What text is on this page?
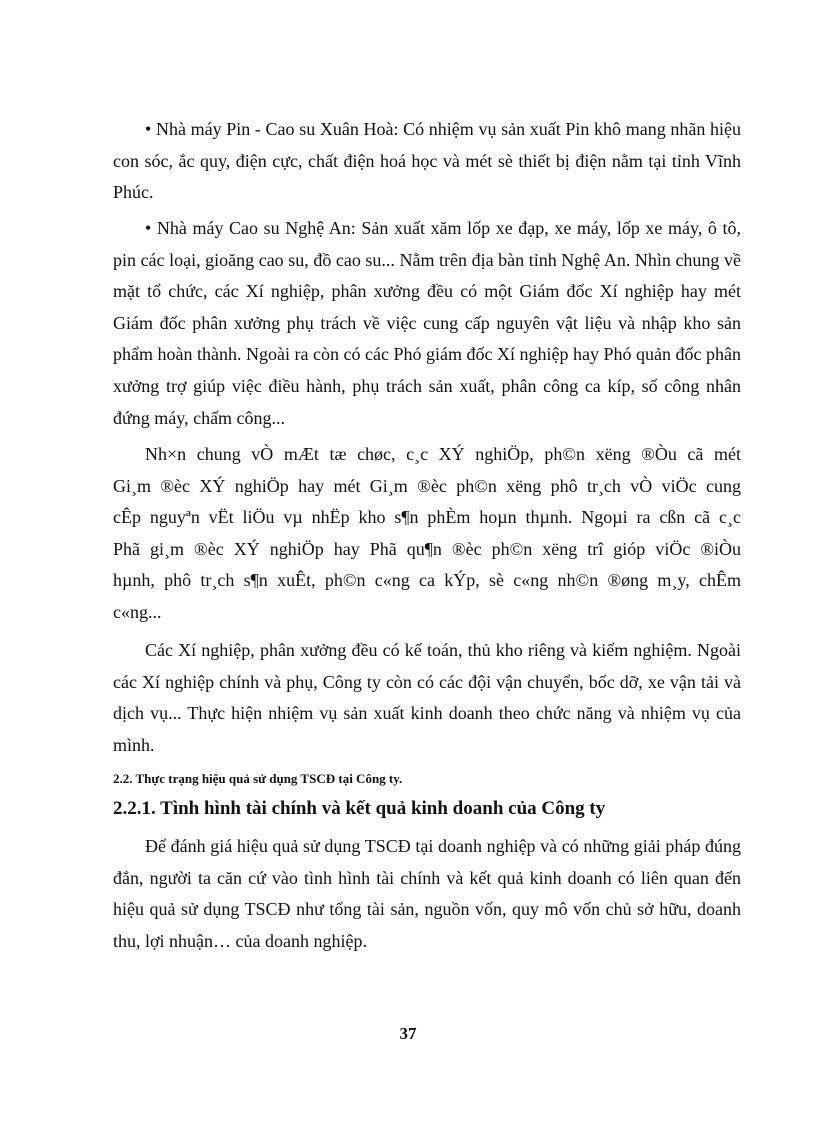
• Nhà máy Pin - Cao su Xuân Hoà: Có nhiệm vụ sản xuất Pin khô mang nhãn hiệu con sóc, ắc quy, điện cực, chất điện hoá học và mét sè thiết bị điện nằm tại tỉnh Vĩnh Phúc.

• Nhà máy Cao su Nghệ An: Sản xuất xăm lốp xe đạp, xe máy, lốp xe máy, ô tô, pin các loại, gioăng cao su, đồ cao su... Nằm trên địa bàn tỉnh Nghệ An. Nhìn chung về mặt tổ chức, các Xí nghiệp, phân xưởng đều có một Giám đốc Xí nghiệp hay mét Giám đốc phân xưởng phụ trách về việc cung cấp nguyên vật liệu và nhập kho sản phẩm hoàn thành. Ngoài ra còn có các Phó giám đốc Xí nghiệp hay Phó quản đốc phân xưởng trợ giúp việc điều hành, phụ trách sản xuất, phân công ca kíp, số công nhân đứng máy, chấm công...

Nh×n chung vÒ mÆt tæ chøc, c¸c XÝ nghiÖp, ph©n xëng ®Òu cã mét Gi¸m ®èc XÝ nghiÖp hay mét Gi¸m ®èc ph©n xëng phô tr¸ch vÒ viÖc cung cÊp nguyªn vËt liÖu vµ nhËp kho s¶n phÈm hoµn thµnh. Ngoµi ra cßn cã c¸c Phã gi¸m ®èc XÝ nghiÖp hay Phã qu¶n ®èc ph©n xëng trî gióp viÖc ®iÒu hµnh, phô tr¸ch s¶n xuÊt, ph©n c«ng ca kÝp, sè c«ng nh©n ®øng m¸y, chÊm c«ng...

Các Xí nghiệp, phân xưởng đều có kế toán, thủ kho riêng và kiểm nghiệm. Ngoài các Xí nghiệp chính và phụ, Công ty còn có các đội vận chuyển, bốc dỡ, xe vận tải và dịch vụ... Thực hiện nhiệm vụ sản xuất kinh doanh theo chức năng và nhiệm vụ của mình.

2.2. Thực trạng hiệu quả sử dụng TSCĐ tại Công ty.
2.2.1. Tình hình tài chính và kết quả kinh doanh của Công ty

Để đánh giá hiệu quả sử dụng TSCĐ tại doanh nghiệp và có những giải pháp đúng đắn, người ta căn cứ vào tình hình tài chính và kết quả kinh doanh có liên quan đến hiệu quả sử dụng TSCĐ như tổng tài sản, nguồn vốn, quy mô vốn chủ sở hữu, doanh thu, lợi nhuận… của doanh nghiệp.

37
